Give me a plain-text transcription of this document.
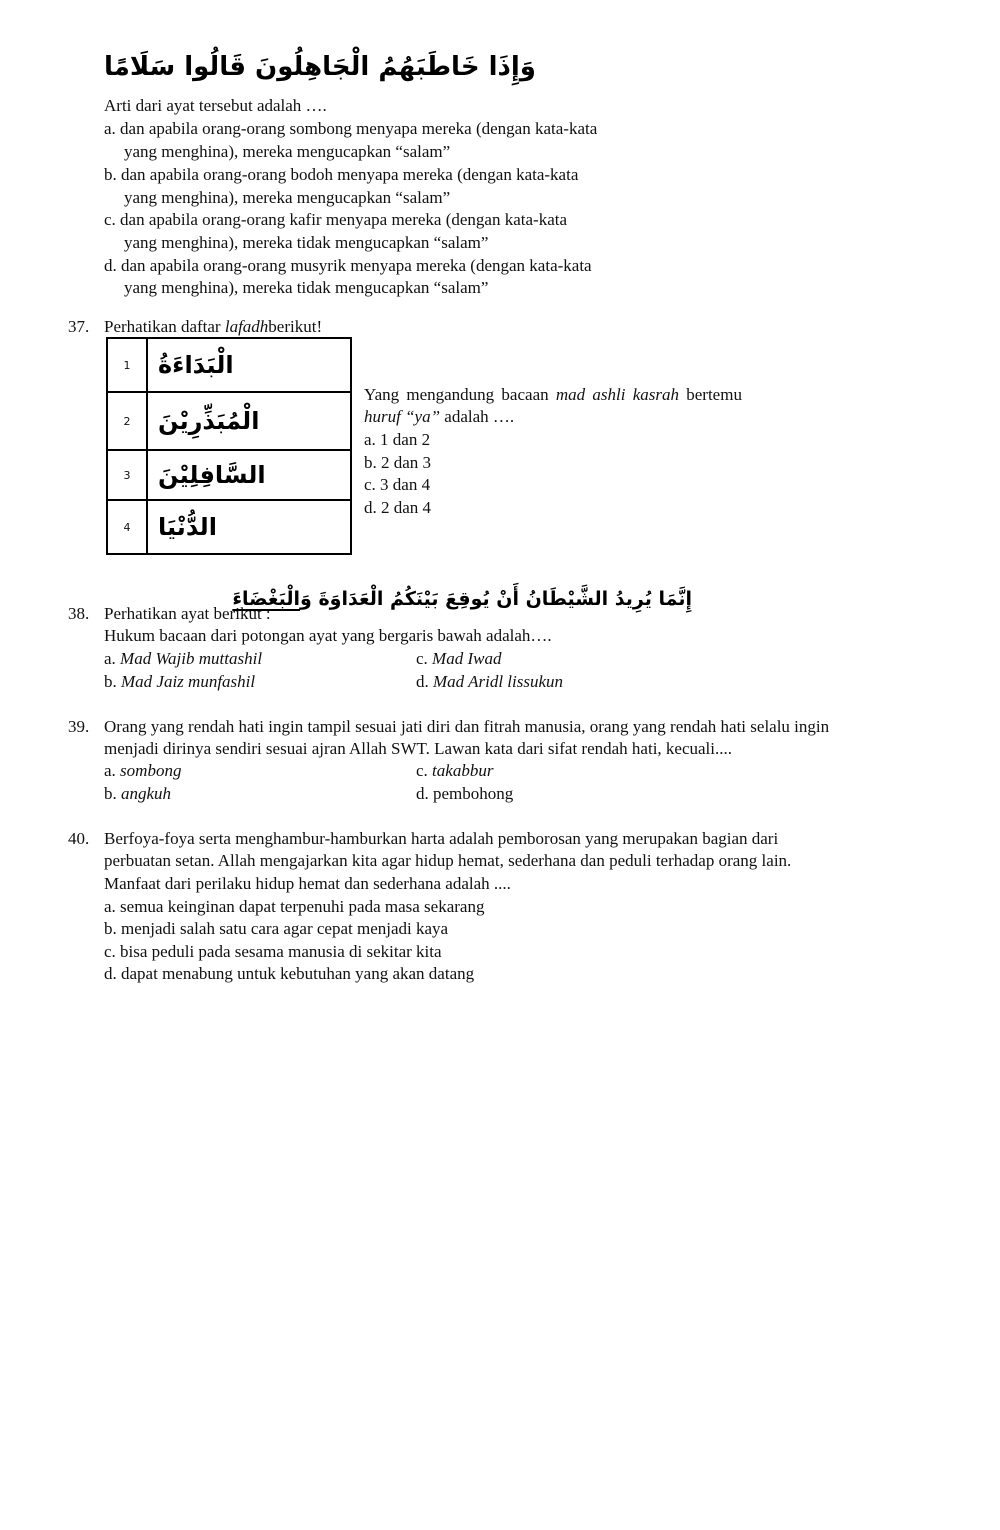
وَإِذَا خَاطَبَهُمُ الْجَاهِلُونَ قَالُوا سَلَامًا
Arti dari ayat tersebut adalah ….
a. dan apabila orang-orang sombong menyapa mereka (dengan kata-kata
yang menghina), mereka mengucapkan “salam”
b. dan apabila orang-orang bodoh menyapa mereka (dengan kata-kata
yang menghina), mereka mengucapkan “salam”
c. dan apabila orang-orang kafir menyapa mereka (dengan kata-kata
yang menghina), mereka tidak mengucapkan “salam”
d. dan apabila orang-orang musyrik menyapa mereka (dengan kata-kata
yang menghina), mereka tidak mengucapkan “salam”
37. Perhatikan daftar lafadhberikut!
1	الْبَدَاءَةُ
2	الْمُبَذِّرِيْنَ
3	السَّافِلِيْنَ
4	الدُّنْيَا
Yang mengandung bacaan mad ashli kasrah bertemu
huruf “ya” adalah ….
a. 1 dan 2
b. 2 dan 3
c. 3 dan 4
d. 2 dan 4
38. Perhatikan ayat berikut :
إِنَّمَا يُرِيدُ الشَّيْطَانُ أَنْ يُوقِعَ بَيْنَكُمُ الْعَدَاوَةَ وَالْبَغْضَاءَ
Hukum bacaan dari potongan ayat yang bergaris bawah adalah….
a. Mad Wajib muttashil	c. Mad Iwad
b. Mad Jaiz munfashil	d. Mad Aridl lissukun
39. Orang yang rendah hati ingin tampil sesuai jati diri dan fitrah manusia, orang yang rendah hati selalu ingin
menjadi dirinya sendiri sesuai ajran Allah SWT. Lawan kata dari sifat rendah hati, kecuali....
a. sombong	c. takabbur
b. angkuh	d. pembohong
40. Berfoya-foya serta menghambur-hamburkan harta adalah pemborosan yang merupakan bagian dari
perbuatan setan. Allah mengajarkan kita agar hidup hemat, sederhana dan peduli terhadap orang lain.
Manfaat dari perilaku hidup hemat dan sederhana adalah ....
a. semua keinginan dapat terpenuhi pada masa sekarang
b. menjadi salah satu cara agar cepat menjadi kaya
c. bisa peduli pada sesama manusia di sekitar kita
d. dapat menabung untuk kebutuhan yang akan datang
